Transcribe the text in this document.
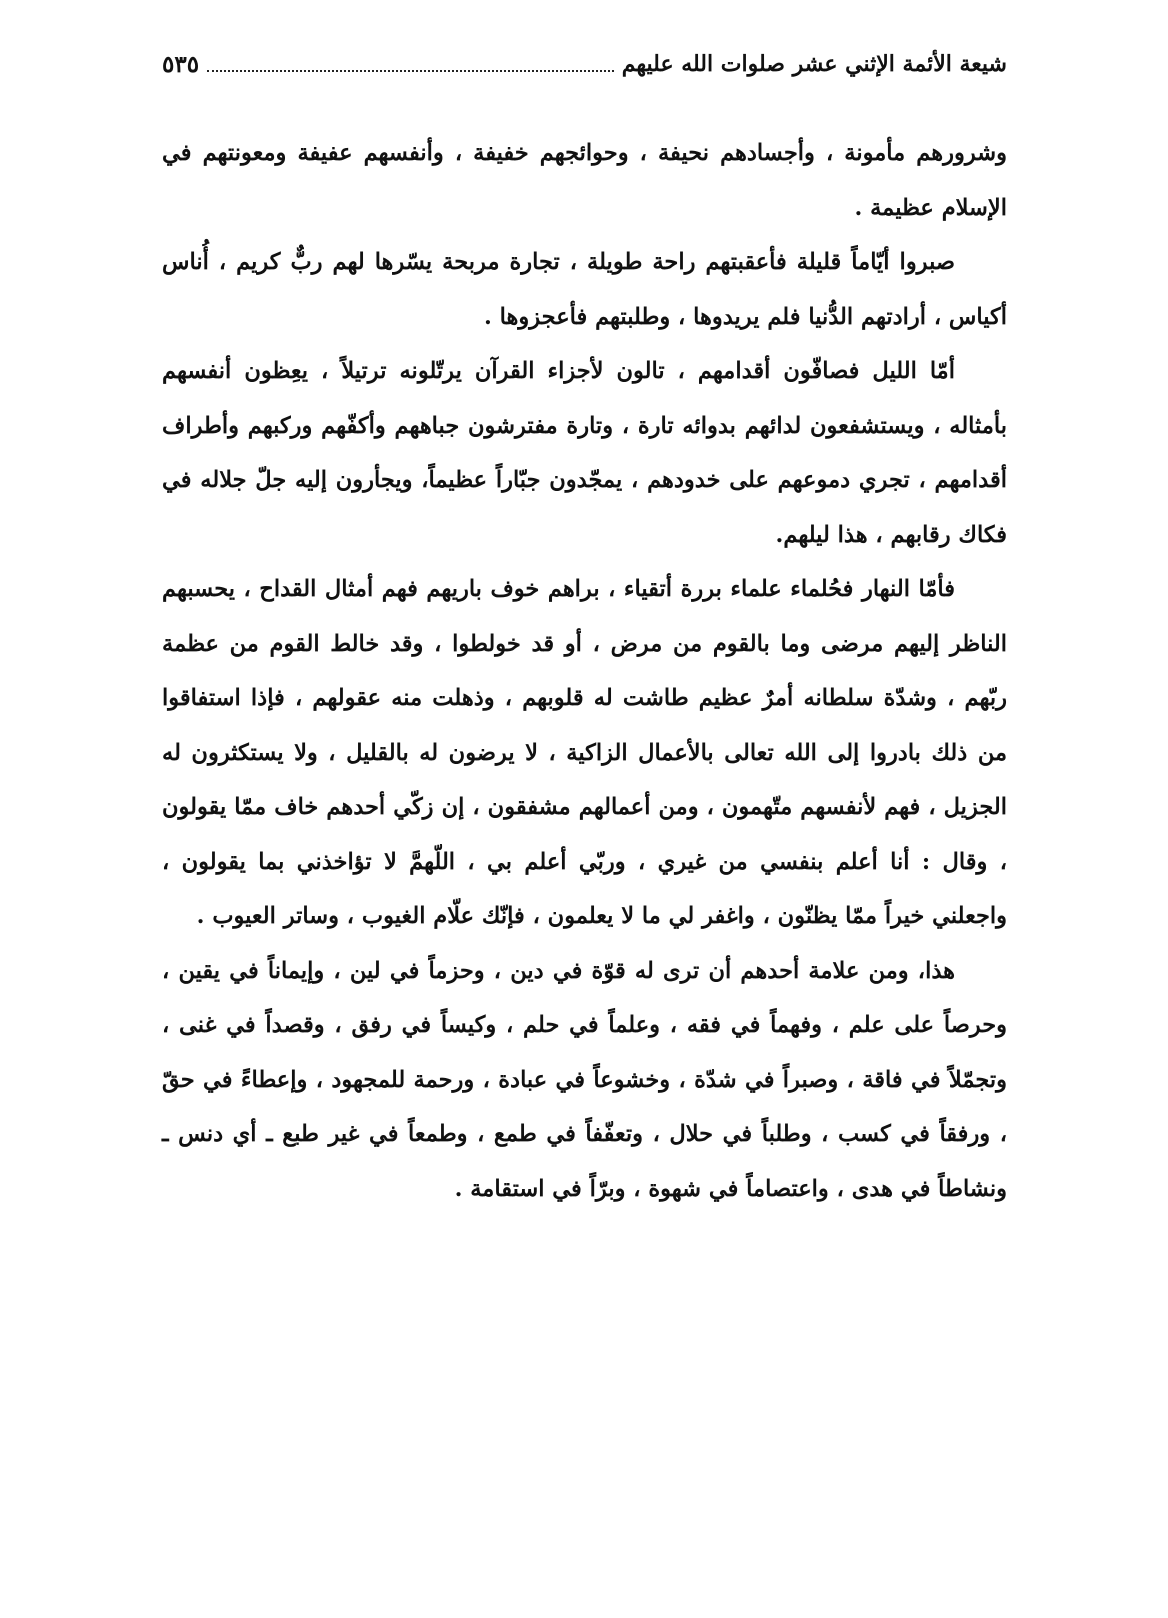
شيعة الأئمة الإثني عشر صلوات الله عليهم
٥٣٥

وشرورهم مأمونة ، وأجسادهم نحيفة ، وحوائجهم خفيفة ، وأنفسهم عفيفة ومعونتهم في الإسلام عظيمة .

صبروا أيّاماً قليلة فأعقبتهم راحة طويلة ، تجارة مربحة يسّرها لهم ربٌّ كريم ، أُناس أكياس ، أرادتهم الدُّنيا فلم يريدوها ، وطلبتهم فأعجزوها .

أمّا الليل فصافّون أقدامهم ، تالون لأجزاء القرآن يرتّلونه ترتيلاً ، يعِظون أنفسهم بأمثاله ، ويستشفعون لدائهم بدوائه تارة ، وتارة مفترشون جباههم وأكفّهم وركبهم وأطراف أقدامهم ، تجري دموعهم على خدودهم ، يمجّدون جبّاراً عظيماً، ويجأرون إليه جلّ جلاله في فكاك رقابهم ، هذا ليلهم.

فأمّا النهار فحُلماء علماء بررة أتقياء ، براهم خوف باريهم فهم أمثال القداح ، يحسبهم الناظر إليهم مرضى وما بالقوم من مرض ، أو قد خولطوا ، وقد خالط القوم من عظمة ربّهم ، وشدّة سلطانه أمرٌ عظيم طاشت له قلوبهم ، وذهلت منه عقولهم ، فإذا استفاقوا من ذلك بادروا إلى الله تعالى بالأعمال الزاكية ، لا يرضون له بالقليل ، ولا يستكثرون له الجزيل ، فهم لأنفسهم متّهمون ، ومن أعمالهم مشفقون ، إن زكّي أحدهم خاف ممّا يقولون ، وقال : أنا أعلم بنفسي من غيري ، وربّي أعلم بي ، اللّهمَّ لا تؤاخذني بما يقولون ، واجعلني خيراً ممّا يظنّون ، واغفر لي ما لا يعلمون ، فإنّك علّام الغيوب ، وساتر العيوب .

هذا، ومن علامة أحدهم أن ترى له قوّة في دين ، وحزماً في لين ، وإيماناً في يقين ، وحرصاً على علم ، وفهماً في فقه ، وعلماً في حلم ، وكيساً في رفق ، وقصداً في غنى ، وتجمّلاً في فاقة ، وصبراً في شدّة ، وخشوعاً في عبادة ، ورحمة للمجهود ، وإعطاءً في حقّ ، ورفقاً في كسب ، وطلباً في حلال ، وتعفّفاً في طمع ، وطمعاً في غير طبع ـ أي دنس ـ ونشاطاً في هدى ، واعتصاماً في شهوة ، وبرّاً في استقامة .
